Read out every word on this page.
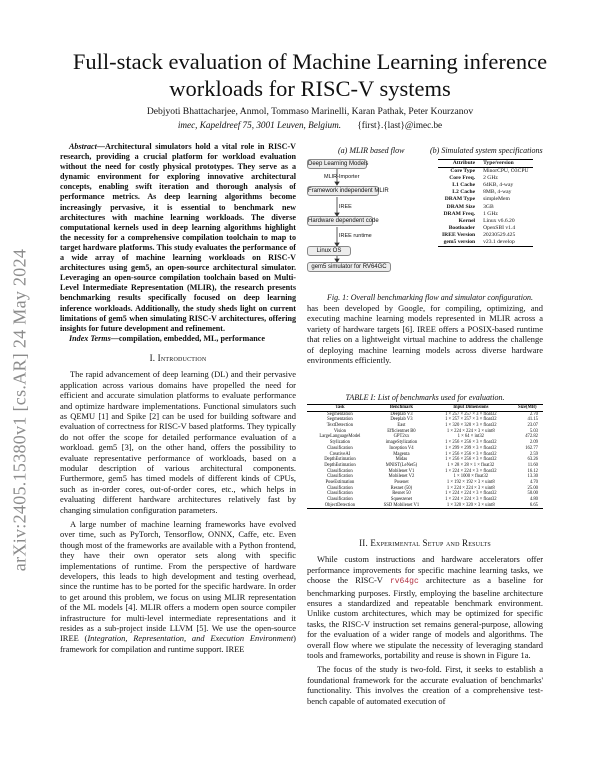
arXiv:2405.15380v1 [cs.AR] 24 May 2024
Full-stack evaluation of Machine Learning inference workloads for RISC-V systems
Debjyoti Bhattacharjee, Anmol, Tommaso Marinelli, Karan Pathak, Peter Kourzanov
imec, Kapeldreef 75, 3001 Leuven, Belgium. {first}.{last}@imec.be
Abstract—Architectural simulators hold a vital role in RISC-V research, providing a crucial platform for workload evaluation without the need for costly physical prototypes. They serve as a dynamic environment for exploring innovative architectural concepts, enabling swift iteration and thorough analysis of performance metrics. As deep learning algorithms become increasingly pervasive, it is essential to benchmark new architectures with machine learning workloads. The diverse computational kernels used in deep learning algorithms highlight the necessity for a comprehensive compilation toolchain to map to target hardware platforms. This study evaluates the performance of a wide array of machine learning workloads on RISC-V architectures using gem5, an open-source architectural simulator. Leveraging an open-source compilation toolchain based on Multi-Level Intermediate Representation (MLIR), the research presents benchmarking results specifically focused on deep learning inference workloads. Additionally, the study sheds light on current limitations of gem5 when simulating RISC-V architectures, offering insights for future development and refinement.
Index Terms—compilation, embedded, ML, performance
I. Introduction

The rapid advancement of deep learning (DL) and their pervasive application across various domains have propelled the need for efficient and accurate simulation platforms to evaluate performance and optimize hardware implementations. Functional simulators such as QEMU [1] and Spike [2] can be used for building software and evaluation of correctness for RISC-V based platforms. They typically do not offer the scope for detailed performance evaluation of a workload. gem5 [3], on the other hand, offers the possibility to evaluate representative performance of workloads, based on a modular description of various architectural components. Furthermore, gem5 has timed models of different kinds of CPUs, such as in-order cores, out-of-order cores, etc., which helps in evaluating different hardware architectures relatively fast by changing simulation configuration parameters.

A large number of machine learning frameworks have evolved over time, such as PyTorch, Tensorflow, ONNX, Caffe, etc. Even though most of the frameworks are available with a Python frontend, they have their own operator sets along with specific implementations of runtime. From the perspective of hardware developers, this leads to high development and testing overhead, since the runtime has to be ported for the specific hardware. In order to get around this problem, we focus on using MLIR representation of the ML models [4]. MLIR offers a modern open source compiler infrastructure for multi-level intermediate representations and it resides as a sub-project inside LLVM [5]. We use the open-source IREE (Integration, Representation, and Execution Environment) framework for compilation and runtime support. IREE

(a) MLIR based flow	(b) Simulated system specifications
Deep Learning Models
MLIR-Importer
Framework independent MLIR
IREE
Hardware dependent code
IREE runtime
Linux OS
gem5 simulator for RV64GC
Attribute	Type/version
Core Type	MinorCPU, O3CPU
Core Freq.	2 GHz
L1 Cache	64KB, 4-way
L2 Cache	8MB, 4-way
DRAM Type	simpleMem
DRAM Size	3GB
DRAM Freq.	1 GHz
Kernel	Linux v6.6.20
Bootloader	OpenSBI v1.4
IREE Version	20230529.425
gem5 version	v23.1 develop
Fig. 1: Overall benchmarking flow and simulator configuration.

has been developed by Google, for compiling, optimizing, and executing machine learning models represented in MLIR across a variety of hardware targets [6]. IREE offers a POSIX-based runtime that relies on a lightweight virtual machine to address the challenge of deploying machine learning models across diverse hardware environments efficiently.

TABLE I: List of benchmarks used for evaluation.
Task	Benchmark	Input Dimensions	Size(MB)
Segmentation	Deeplab V3	1 × 257 × 257 × 3 × float32	2.70
Segmentation	Deeplab V3	1 × 257 × 257 × 3 × float32	41.15
TextDetection	East	1 × 320 × 320 × 3 × float32	23.07
Vision	Efficientnet B0	1 × 224 × 224 × 3 × uint8	5.03
LargeLanguageModel	GPT2xx	1 × 64 × int32	472.82
Stylization	imageStylization	1 × 256 × 256 × 3 × float32	2.09
Classification	Inception V4	1 × 299 × 299 × 3 × float32	162.77
CreativeAI	Magenta	1 × 256 × 256 × 3 × float32	2.59
DepthEstimation	Midas	1 × 256 × 256 × 3 × float32	63.26
DepthEstimation	MNIST(LeNet5)	1 × 28 × 28 × 1 × float32	11.60
Classification	Mobilenet V1	1 × 224 × 224 × 3 × float32	16.12
Classification	Mobilenet V2	1 × 1000 × float32	13.30
PoseEstimation	Posenet	1 × 192 × 192 × 3 × uint8	4.70
Classification	Resnet (50)	1 × 224 × 224 × 3 × uint8	25.00
Classification	Resnet 50	1 × 224 × 224 × 3 × float32	50.00
Classification	Squeezenet	1 × 224 × 224 × 3 × float32	4.80
ObjectDetection	SSD Mobilenet V1	1 × 320 × 320 × 3 × uint8	6.65
II. Experimental Setup and Results

While custom instructions and hardware accelerators offer performance improvements for specific machine learning tasks, we choose the RISC-V rv64gc architecture as a baseline for benchmarking purposes. Firstly, employing the baseline architecture ensures a standardized and repeatable benchmark environment. Unlike custom architectures, which may be optimized for specific tasks, the RISC-V instruction set remains general-purpose, allowing for the evaluation of a wider range of models and algorithms. The overall flow where we stipulate the necessity of leveraging standard tools and frameworks, portability and reuse is shown in Figure 1a.

The focus of the study is two-fold. First, it seeks to establish a foundational framework for the accurate evaluation of benchmarks' functionality. This involves the creation of a comprehensive test-bench capable of automated execution of
